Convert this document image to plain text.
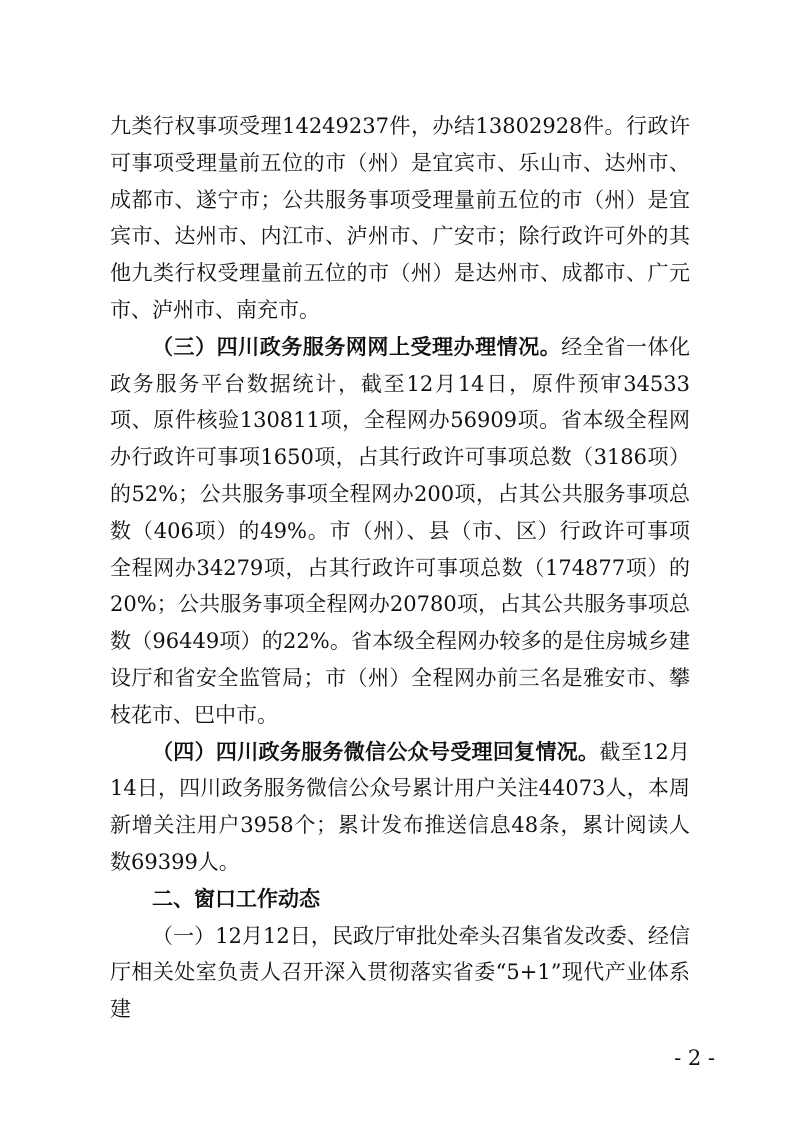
九类行权事项受理14249237件，办结13802928件。行政许可事项受理量前五位的市（州）是宜宾市、乐山市、达州市、成都市、遂宁市；公共服务事项受理量前五位的市（州）是宜宾市、达州市、内江市、泸州市、广安市；除行政许可外的其他九类行权受理量前五位的市（州）是达州市、成都市、广元市、泸州市、南充市。

（三）四川政务服务网网上受理办理情况。经全省一体化政务服务平台数据统计，截至12月14日，原件预审34533项、原件核验130811项，全程网办56909项。省本级全程网办行政许可事项1650项，占其行政许可事项总数（3186项）的52%；公共服务事项全程网办200项，占其公共服务事项总数（406项）的49%。市（州）、县（市、区）行政许可事项全程网办34279项，占其行政许可事项总数（174877项）的20%；公共服务事项全程网办20780项，占其公共服务事项总数（96449项）的22%。省本级全程网办较多的是住房城乡建设厅和省安全监管局；市（州）全程网办前三名是雅安市、攀枝花市、巴中市。

（四）四川政务服务微信公众号受理回复情况。截至12月14日，四川政务服务微信公众号累计用户关注44073人，本周新增关注用户3958个；累计发布推送信息48条，累计阅读人数69399人。

二、窗口工作动态

（一）12月12日，民政厅审批处牵头召集省发改委、经信厅相关处室负责人召开深入贯彻落实省委“5+1”现代产业体系建

- 2 -
